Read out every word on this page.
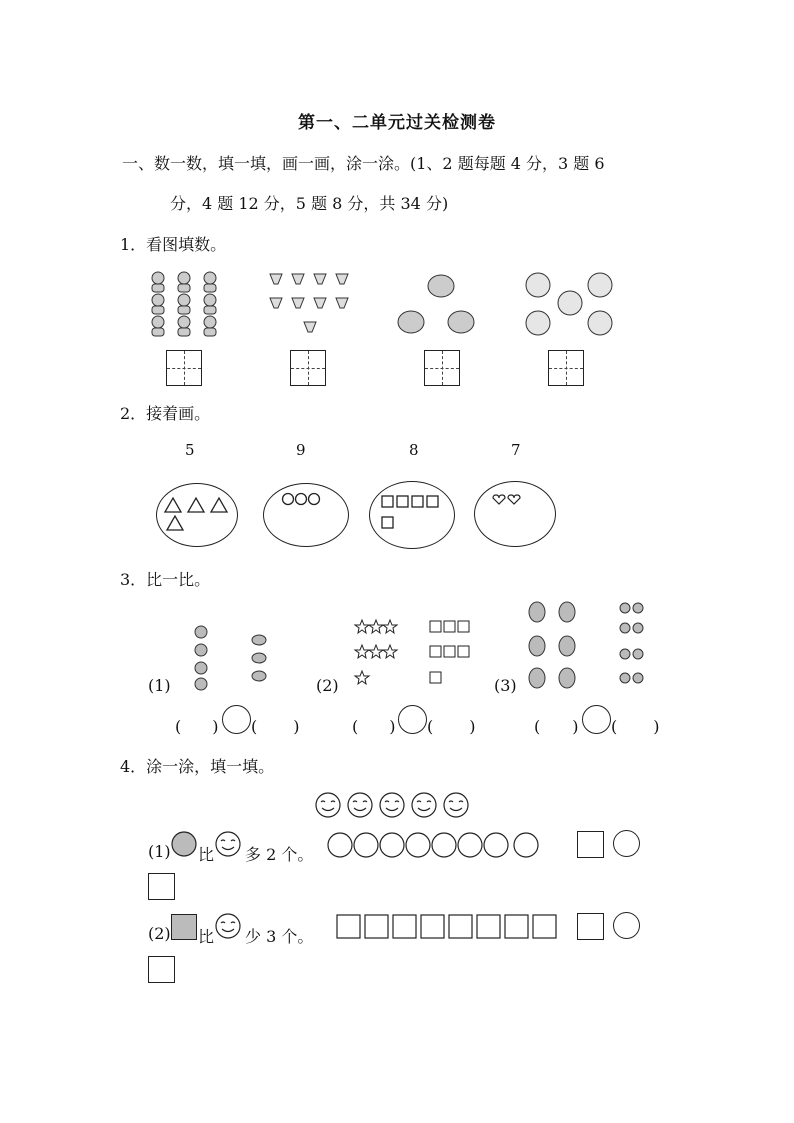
第一、二单元过关检测卷
一、数一数，填一填，画一画，涂一涂。(1、2 题每题 4 分，3 题 6
分，4 题 12 分，5 题 8 分，共 34 分)
1．看图填数。
2．接着画。
5	9	8	7
3．比一比。
(1)	(2)	(3)
( ) ( )	( ) ( )	( ) ( )
4．涂一涂，填一填。
(1) 比 多 2 个。
(2) 比 少 3 个。
